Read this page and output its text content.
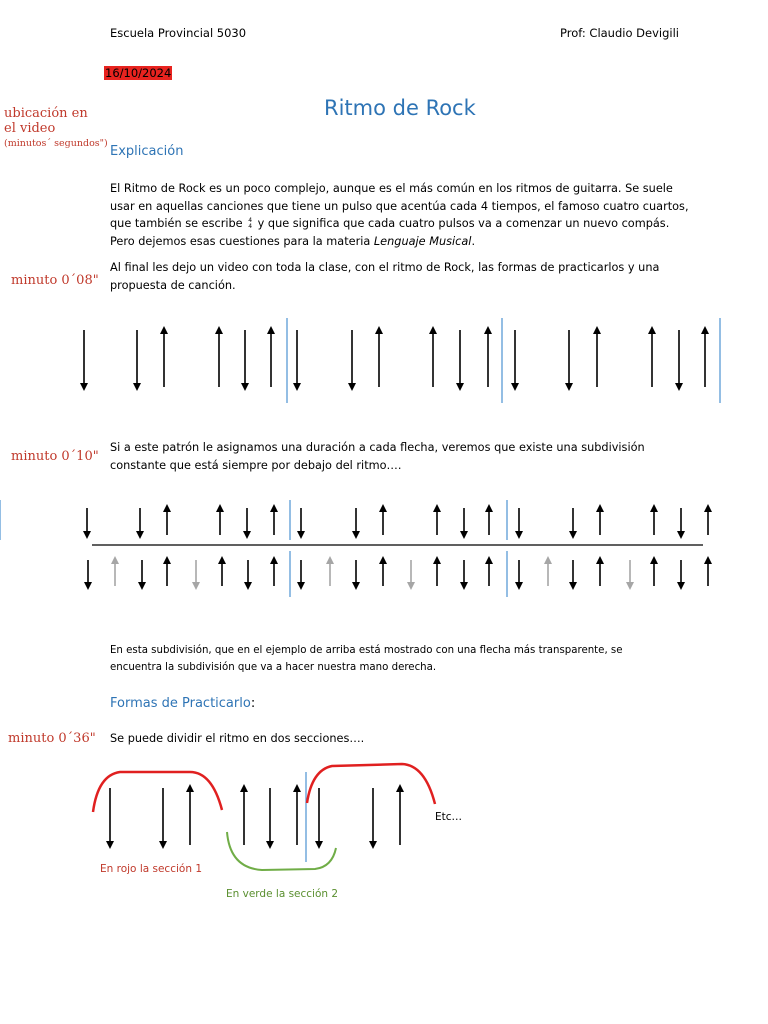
Escuela Provincial 5030	Prof: Claudio Devigili
16/10/2024
Ritmo de Rock
ubicación en
el video
(minutos´ segundos")
minuto 0´08"
minuto 0´10"
minuto 0´36"
Explicación
El Ritmo de Rock es un poco complejo, aunque es el más común en los ritmos de guitarra. Se suele usar en aquellas canciones que tiene un pulso que acentúa cada 4 tiempos, el famoso cuatro cuartos, que también se escribe 4
4 y que significa que cada cuatro pulsos va a comenzar un nuevo compás. Pero dejemos esas cuestiones para la materia Lenguaje Musical.
Al final les dejo un video con toda la clase, con el ritmo de Rock, las formas de practicarlos y una propuesta de canción.
Si a este patrón le asignamos una duración a cada flecha, veremos que existe una subdivisión constante que está siempre por debajo del ritmo….
En esta subdivisión, que en el ejemplo de arriba está mostrado con una flecha más transparente, se encuentra la subdivisión que va a hacer nuestra mano derecha.
Formas de Practicarlo:
Se puede dividir el ritmo en dos secciones….
Etc…
En rojo la sección 1
En verde la sección 2
